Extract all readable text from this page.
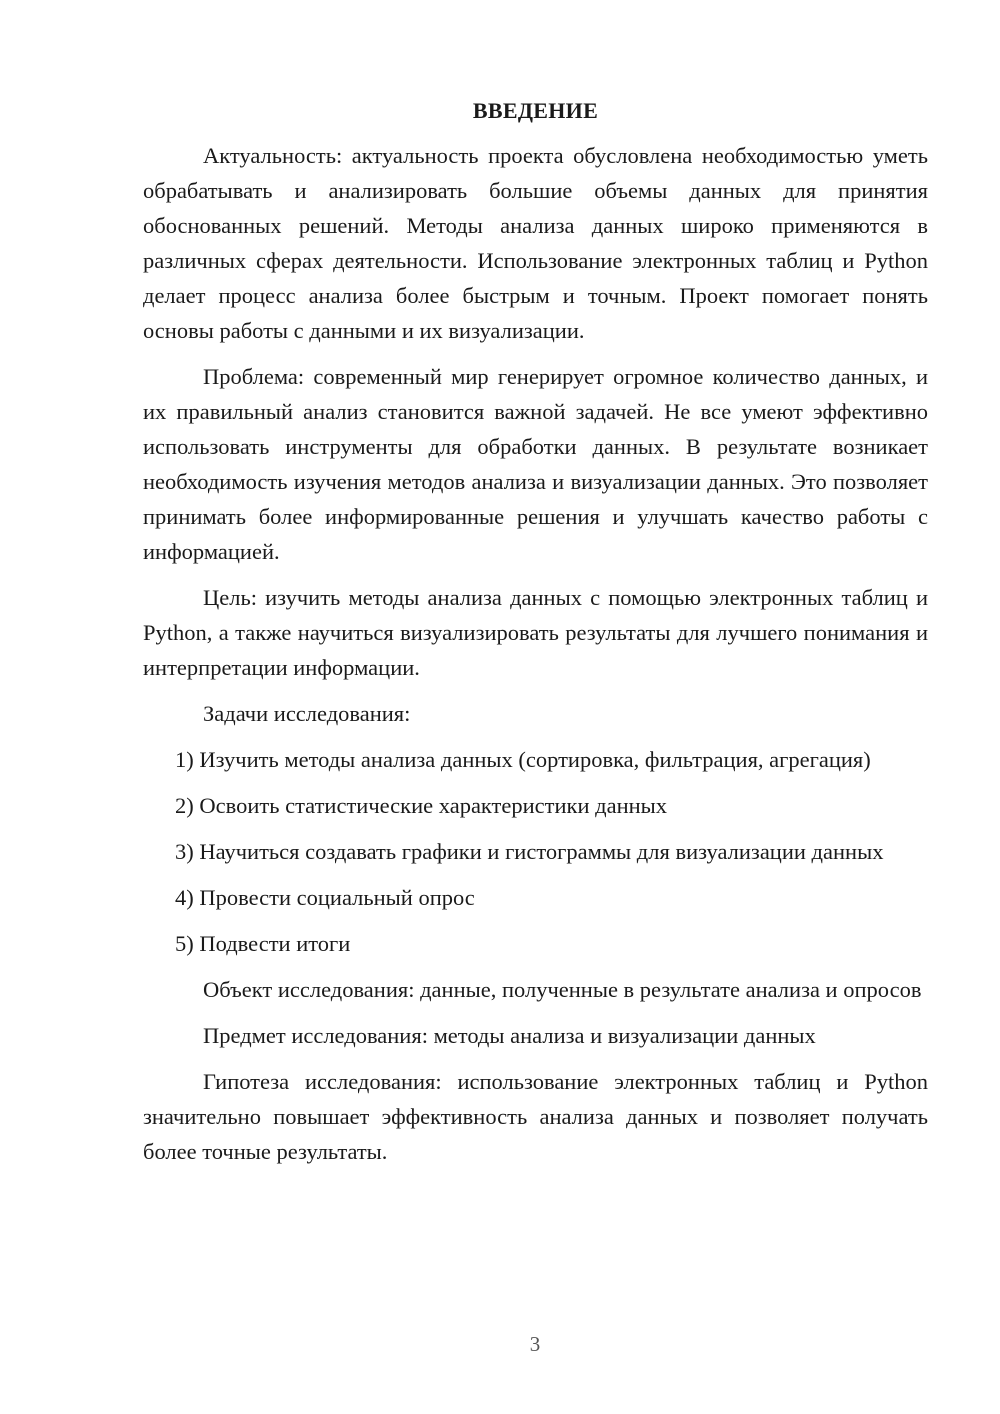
ВВЕДЕНИЕ

Актуальность: актуальность проекта обусловлена необходимостью уметь обрабатывать и анализировать большие объемы данных для принятия обоснованных решений. Методы анализа данных широко применяются в различных сферах деятельности. Использование электронных таблиц и Python делает процесс анализа более быстрым и точным. Проект помогает понять основы работы с данными и их визуализации.

Проблема: современный мир генерирует огромное количество данных, и их правильный анализ становится важной задачей. Не все умеют эффективно использовать инструменты для обработки данных. В результате возникает необходимость изучения методов анализа и визуализации данных. Это позволяет принимать более информированные решения и улучшать качество работы с информацией.

Цель: изучить методы анализа данных с помощью электронных таблиц и Python, а также научиться визуализировать результаты для лучшего понимания и интерпретации информации.

Задачи исследования:

1) Изучить методы анализа данных (сортировка, фильтрация, агрегация)

2) Освоить статистические характеристики данных

3) Научиться создавать графики и гистограммы для визуализации данных

4) Провести социальный опрос

5) Подвести итоги

Объект исследования: данные, полученные в результате анализа и опросов

Предмет исследования: методы анализа и визуализации данных

Гипотеза исследования: использование электронных таблиц и Python значительно повышает эффективность анализа данных и позволяет получать более точные результаты.

3
